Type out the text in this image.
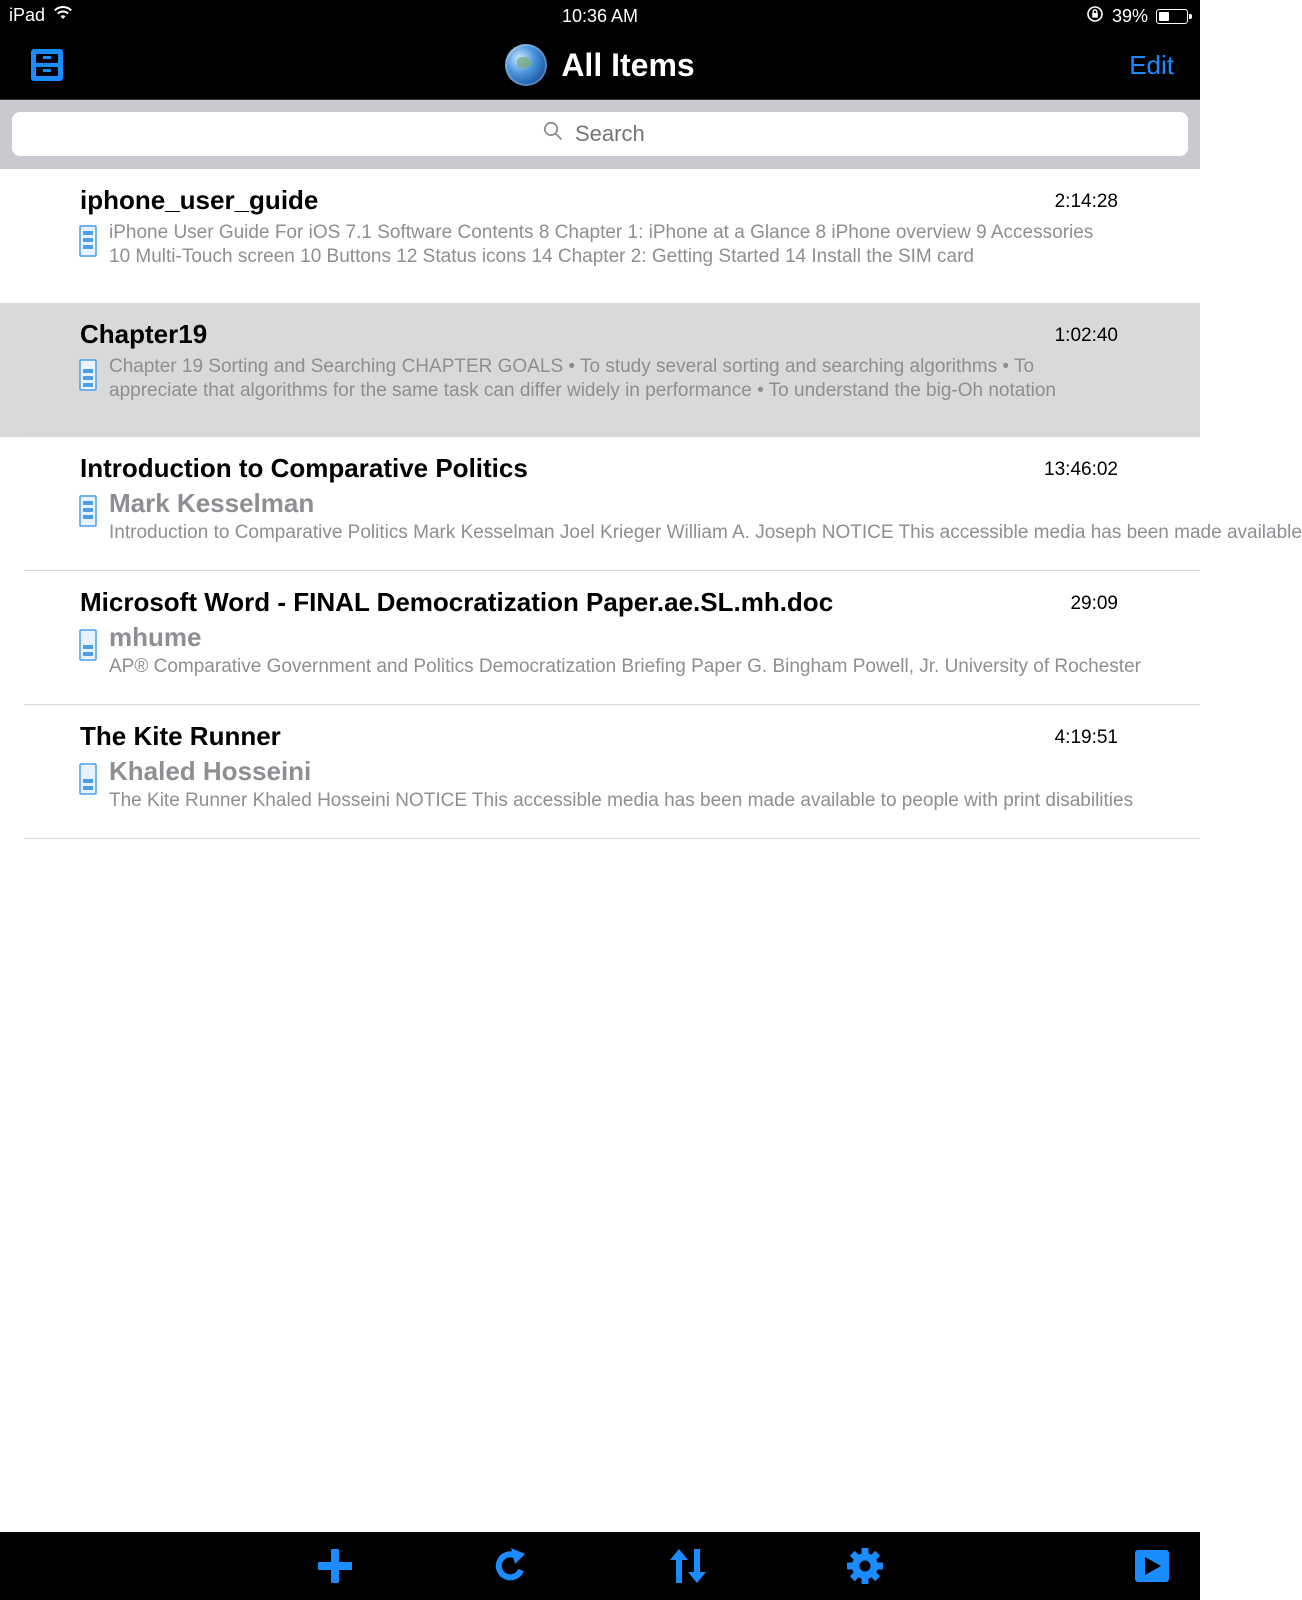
iPad	10:36 AM	39%
All Items	Edit
Search
iphone_user_guide	2:14:28
iPhone User Guide For iOS 7.1 Software Contents 8 Chapter 1: iPhone at a Glance 8 iPhone overview 9 Accessories 10 Multi-Touch screen 10 Buttons 12 Status icons 14 Chapter 2: Getting Started 14 Install the SIM card
Chapter19	1:02:40
Chapter 19 Sorting and Searching CHAPTER GOALS • To study several sorting and searching algorithms • To appreciate that algorithms for the same task can differ widely in performance • To understand the big-Oh notation
Introduction to Comparative Politics	13:46:02
Mark Kesselman
Introduction to Comparative Politics Mark Kesselman Joel Krieger William A. Joseph NOTICE This accessible media has been made available
Microsoft Word - FINAL Democratization Paper.ae.SL.mh.doc	29:09
mhume
AP® Comparative Government and Politics Democratization Briefing Paper G. Bingham Powell, Jr. University of Rochester
The Kite Runner	4:19:51
Khaled Hosseini
The Kite Runner Khaled Hosseini NOTICE This accessible media has been made available to people with print disabilities
